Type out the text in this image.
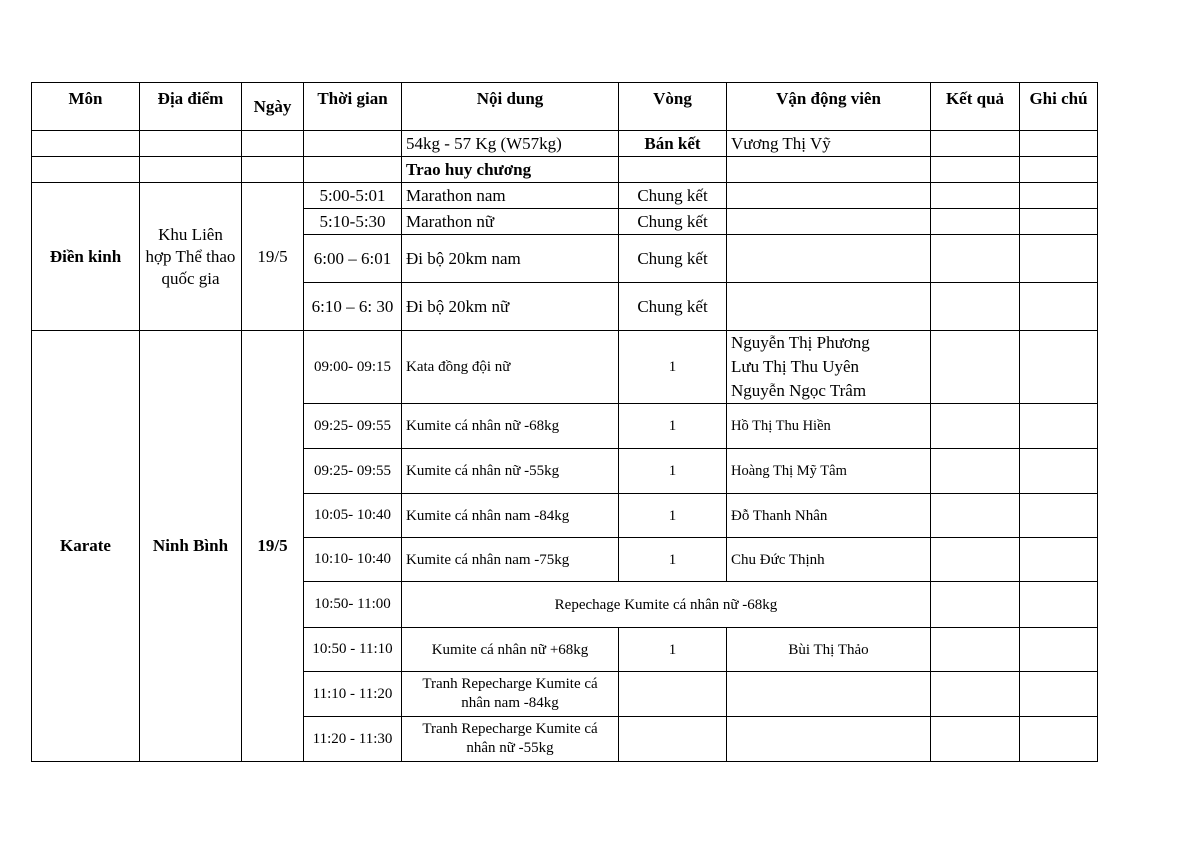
Môn	Địa điểm	Ngày	Thời gian	Nội dung	Vòng	Vận động viên	Kết quả	Ghi chú
				54kg - 57 Kg (W57kg)	Bán kết	Vương Thị Vỹ		
				Trao huy chương				
Điền kinh	Khu Liên hợp Thể thao quốc gia	19/5	5:00-5:01	Marathon nam	Chung kết			
			5:10-5:30	Marathon nữ	Chung kết			
			6:00 – 6:01	Đi bộ 20km nam	Chung kết			
			6:10 – 6: 30	Đi bộ 20km nữ	Chung kết			
Karate	Ninh Bình	19/5	09:00- 09:15	Kata đồng đội nữ	1	Nguyễn Thị Phương
Lưu Thị Thu Uyên
Nguyễn Ngọc Trâm		

			09:25- 09:55	Kumite cá nhân nữ -68kg	1	Hồ Thị Thu Hiền		
			09:25- 09:55	Kumite cá nhân nữ -55kg	1	Hoàng Thị Mỹ Tâm		
			10:05- 10:40	Kumite cá nhân nam -84kg	1	Đỗ Thanh Nhân		
			10:10- 10:40	Kumite cá nhân nam -75kg	1	Chu Đức Thịnh		
			10:50- 11:00	Repechage Kumite cá nhân nữ -68kg				
			10:50 - 11:10	Kumite cá nhân nữ +68kg	1	Bùi Thị Thảo		
			11:10 - 11:20	Tranh Repecharge Kumite cá nhân nam -84kg				
			11:20 - 11:30	Tranh Repecharge Kumite cá nhân nữ -55kg				
